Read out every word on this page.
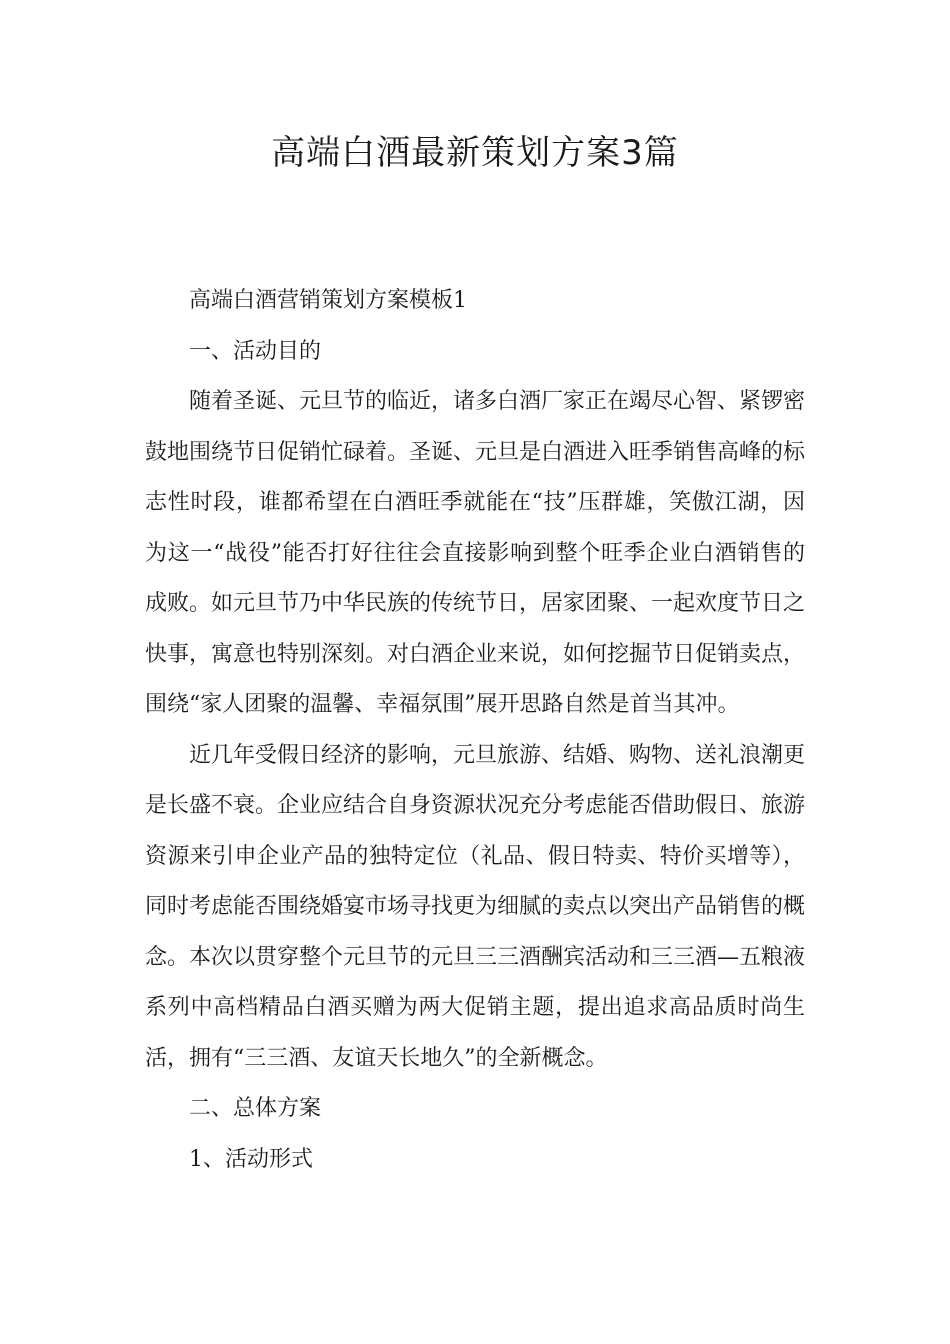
高端白酒最新策划方案3篇

高端白酒营销策划方案模板1

一、活动目的

随着圣诞、元旦节的临近，诸多白酒厂家正在竭尽心智、紧锣密鼓地围绕节日促销忙碌着。圣诞、元旦是白酒进入旺季销售高峰的标志性时段，谁都希望在白酒旺季就能在“技”压群雄，笑傲江湖，因为这一“战役”能否打好往往会直接影响到整个旺季企业白酒销售的成败。如元旦节乃中华民族的传统节日，居家团聚、一起欢度节日之快事，寓意也特别深刻。对白酒企业来说，如何挖掘节日促销卖点，围绕“家人团聚的温馨、幸福氛围”展开思路自然是首当其冲。

近几年受假日经济的影响，元旦旅游、结婚、购物、送礼浪潮更是长盛不衰。企业应结合自身资源状况充分考虑能否借助假日、旅游资源来引申企业产品的独特定位（礼品、假日特卖、特价买增等），同时考虑能否围绕婚宴市场寻找更为细腻的卖点以突出产品销售的概念。本次以贯穿整个元旦节的元旦三三酒酬宾活动和三三酒—五粮液系列中高档精品白酒买赠为两大促销主题，提出追求高品质时尚生活，拥有“三三酒、友谊天长地久”的全新概念。

二、总体方案

1、活动形式
